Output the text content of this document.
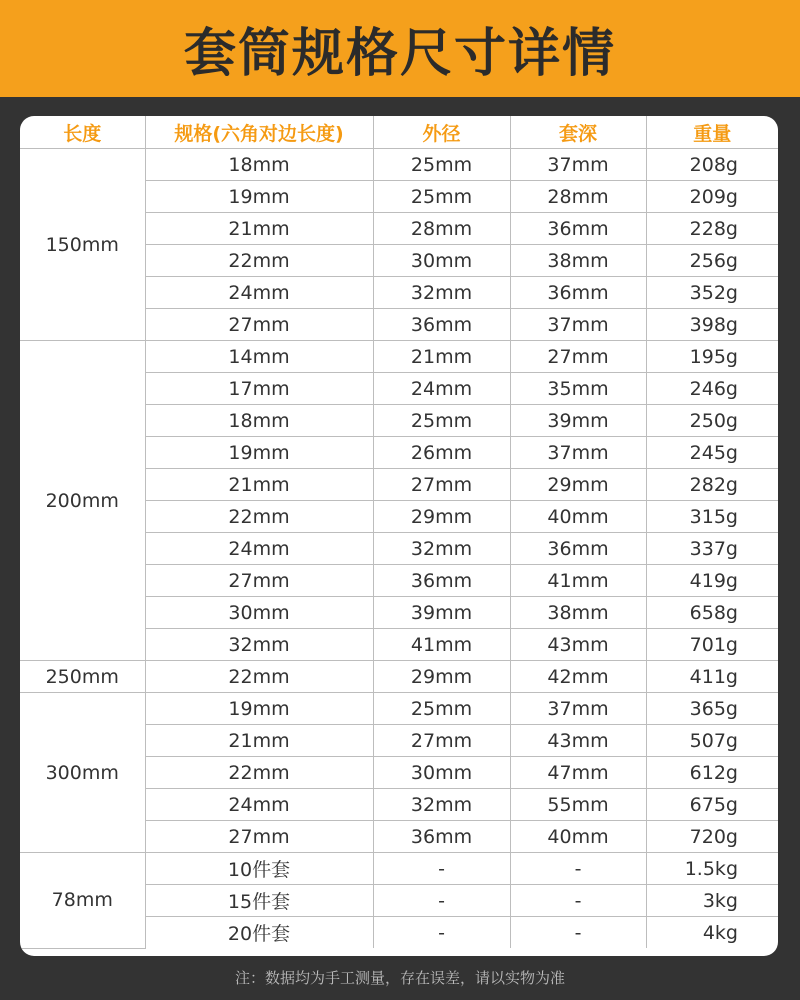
套筒规格尺寸详情
长度	规格(六角对边长度)	外径	套深	重量
150mm	18mm	25mm	37mm	208g
	19mm	25mm	28mm	209g
	21mm	28mm	36mm	228g
	22mm	30mm	38mm	256g
	24mm	32mm	36mm	352g
	27mm	36mm	37mm	398g
200mm	14mm	21mm	27mm	195g
	17mm	24mm	35mm	246g
	18mm	25mm	39mm	250g
	19mm	26mm	37mm	245g
	21mm	27mm	29mm	282g
	22mm	29mm	40mm	315g
	24mm	32mm	36mm	337g
	27mm	36mm	41mm	419g
	30mm	39mm	38mm	658g
	32mm	41mm	43mm	701g
250mm	22mm	29mm	42mm	411g
300mm	19mm	25mm	37mm	365g
	21mm	27mm	43mm	507g
	22mm	30mm	47mm	612g
	24mm	32mm	55mm	675g
	27mm	36mm	40mm	720g
78mm	10件套	-	-	1.5kg
	15件套	-	-	3kg
	20件套	-	-	4kg
注：数据均为手工测量，存在误差，请以实物为准
